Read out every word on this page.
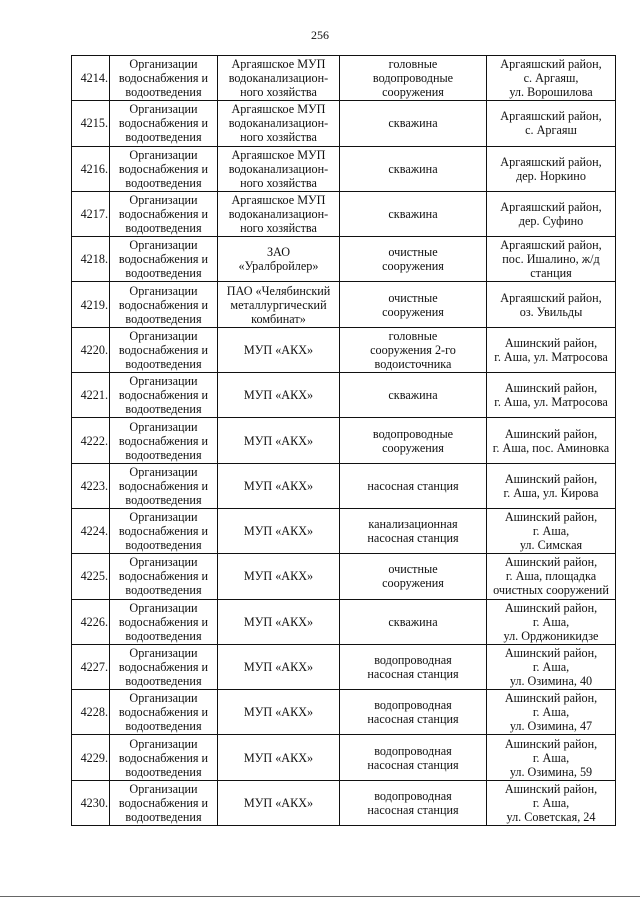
256
4214.	Организации
водоснабжения и
водоотведения	Аргаяшское МУП
водоканализацион-
ного хозяйства	головные
водопроводные
сооружения	Аргаяшский район,
с. Аргаяш,
ул. Ворошилова

4215.	Организации
водоснабжения и
водоотведения	Аргаяшское МУП
водоканализацион-
ного хозяйства	скважина	Аргаяшский район,
с. Аргаяш

4216.	Организации
водоснабжения и
водоотведения	Аргаяшское МУП
водоканализацион-
ного хозяйства	скважина	Аргаяшский район,
дер. Норкино

4217.	Организации
водоснабжения и
водоотведения	Аргаяшское МУП
водоканализацион-
ного хозяйства	скважина	Аргаяшский район,
дер. Суфино

4218.	Организации
водоснабжения и
водоотведения	ЗАО
«Уралбройлер»	очистные
сооружения	Аргаяшский район,
пос. Ишалино, ж/д
станция

4219.	Организации
водоснабжения и
водоотведения	ПАО «Челябинский
металлургический
комбинат»	очистные
сооружения	Аргаяшский район,
оз. Увильды

4220.	Организации
водоснабжения и
водоотведения	МУП «АКХ»	головные
сооружения 2-го
водоисточника	Ашинский район,
г. Аша, ул. Матросова

4221.	Организации
водоснабжения и
водоотведения	МУП «АКХ»	скважина	Ашинский район,
г. Аша, ул. Матросова

4222.	Организации
водоснабжения и
водоотведения	МУП «АКХ»	водопроводные
сооружения	Ашинский район,
г. Аша, пос. Аминовка

4223.	Организации
водоснабжения и
водоотведения	МУП «АКХ»	насосная станция	Ашинский район,
г. Аша, ул. Кирова

4224.	Организации
водоснабжения и
водоотведения	МУП «АКХ»	канализационная
насосная станция	Ашинский район,
г. Аша,
ул. Симская

4225.	Организации
водоснабжения и
водоотведения	МУП «АКХ»	очистные
сооружения	Ашинский район,
г. Аша, площадка
очистных сооружений

4226.	Организации
водоснабжения и
водоотведения	МУП «АКХ»	скважина	Ашинский район,
г. Аша,
ул. Орджоникидзе

4227.	Организации
водоснабжения и
водоотведения	МУП «АКХ»	водопроводная
насосная станция	Ашинский район,
г. Аша,
ул. Озимина, 40

4228.	Организации
водоснабжения и
водоотведения	МУП «АКХ»	водопроводная
насосная станция	Ашинский район,
г. Аша,
ул. Озимина, 47

4229.	Организации
водоснабжения и
водоотведения	МУП «АКХ»	водопроводная
насосная станция	Ашинский район,
г. Аша,
ул. Озимина, 59

4230.	Организации
водоснабжения и
водоотведения	МУП «АКХ»	водопроводная
насосная станция	Ашинский район,
г. Аша,
ул. Советская, 24
